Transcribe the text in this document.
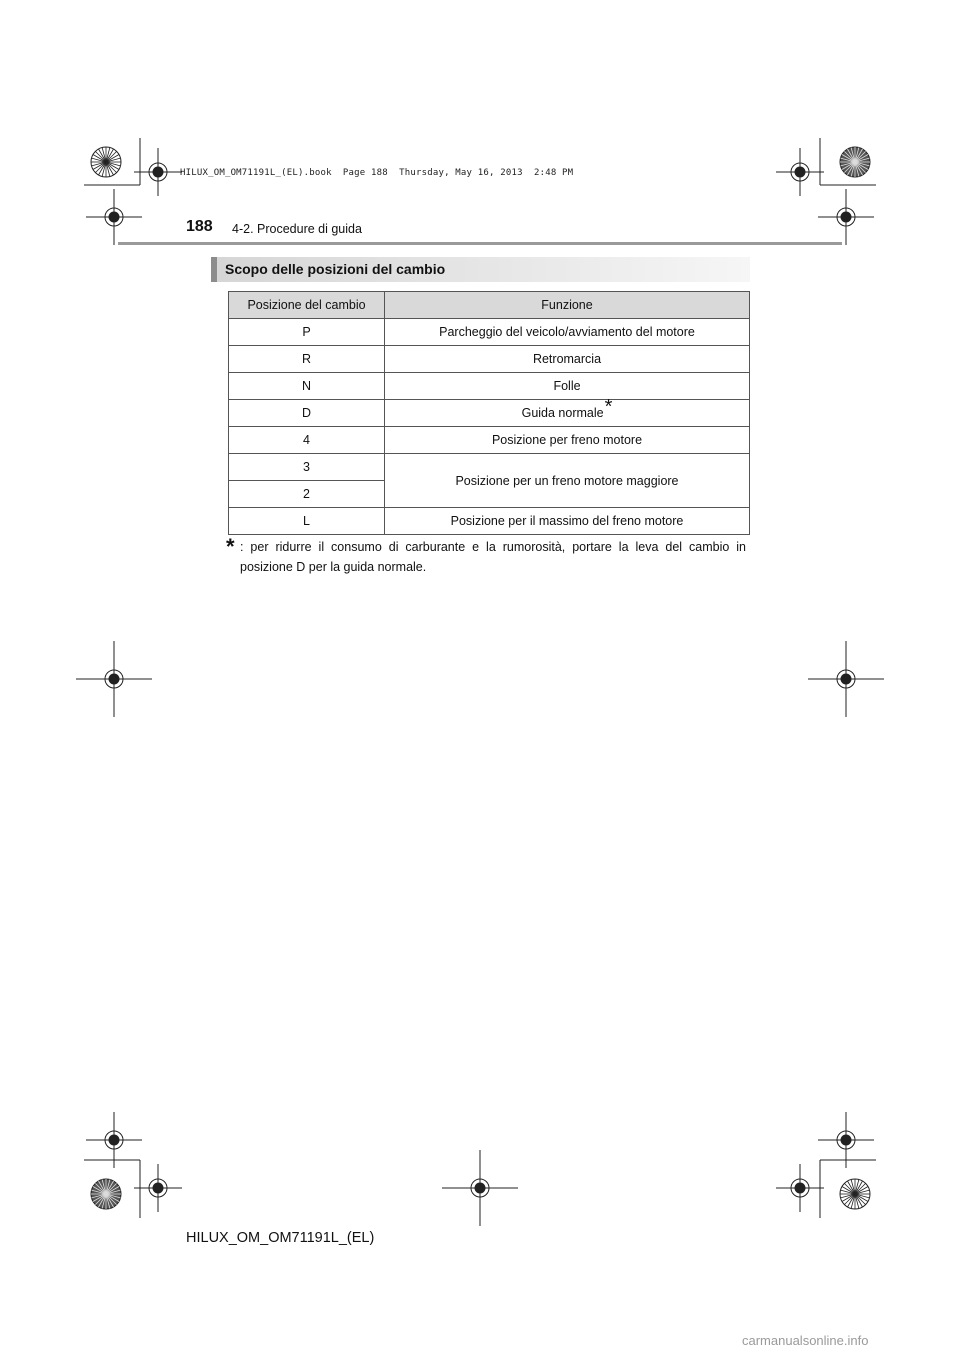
HILUX_OM_OM71191L_(EL).book  Page 188  Thursday, May 16, 2013  2:48 PM
188 4-2. Procedure di guida
Scopo delle posizioni del cambio
Posizione del cambio	Funzione
P	Parcheggio del veicolo/avviamento del motore
R	Retromarcia
N	Folle
D	Guida normale*
4	Posizione per freno motore
3	Posizione per un freno motore maggiore
2	
L	Posizione per il massimo del freno motore
* : per ridurre il consumo di carburante e la rumorosità, portare la leva del cambio in posizione D per la guida normale.
HILUX_OM_OM71191L_(EL)
carmanualsonline.info
